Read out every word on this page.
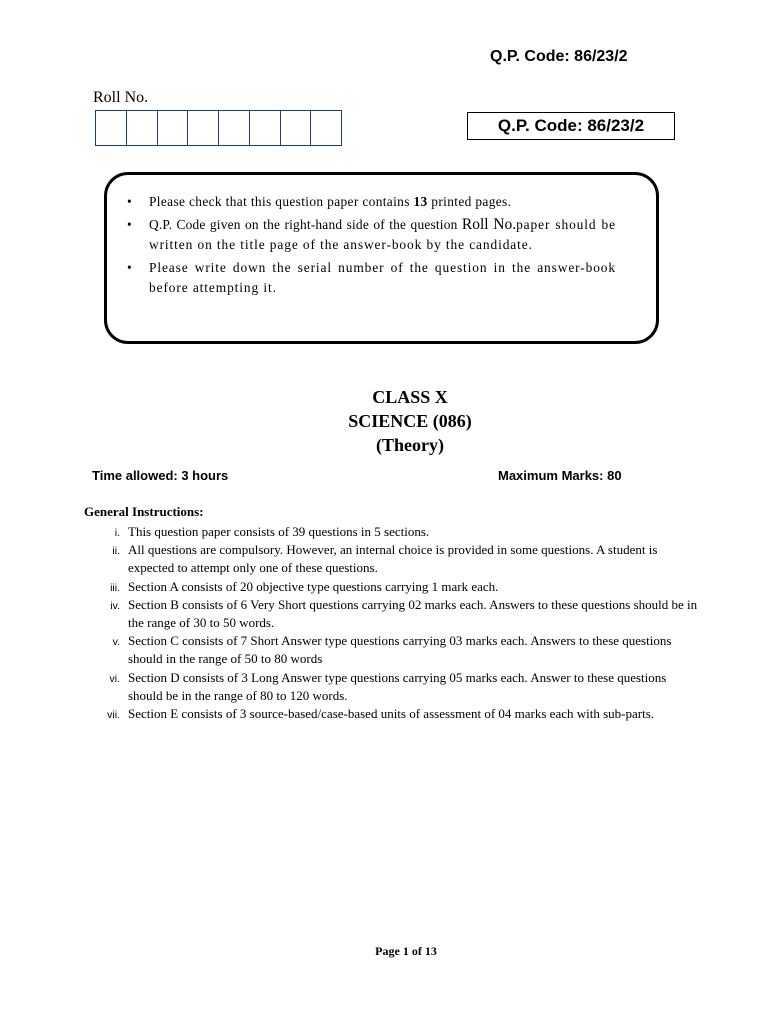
Q.P. Code: 86/23/2
Roll No.
Q.P. Code: 86/23/2
• Please check that this question paper contains 13 printed pages.
• Q.P. Code given on the right-hand side of the question Roll No.paper should be written on the title page of the answer-book by the candidate.
• Please write down the serial number of the question in the answer-book before attempting it.
CLASS X
SCIENCE (086)
(Theory)
Time allowed: 3 hours	Maximum Marks: 80
General Instructions:
i. This question paper consists of 39 questions in 5 sections.
ii. All questions are compulsory. However, an internal choice is provided in some questions. A student is expected to attempt only one of these questions.
iii. Section A consists of 20 objective type questions carrying 1 mark each.
iv. Section B consists of 6 Very Short questions carrying 02 marks each. Answers to these questions should be in the range of 30 to 50 words.
v. Section C consists of 7 Short Answer type questions carrying 03 marks each. Answers to these questions should in the range of 50 to 80 words
vi. Section D consists of 3 Long Answer type questions carrying 05 marks each. Answer to these questions should be in the range of 80 to 120 words.
vii. Section E consists of 3 source-based/case-based units of assessment of 04 marks each with sub-parts.
Page 1 of 13
